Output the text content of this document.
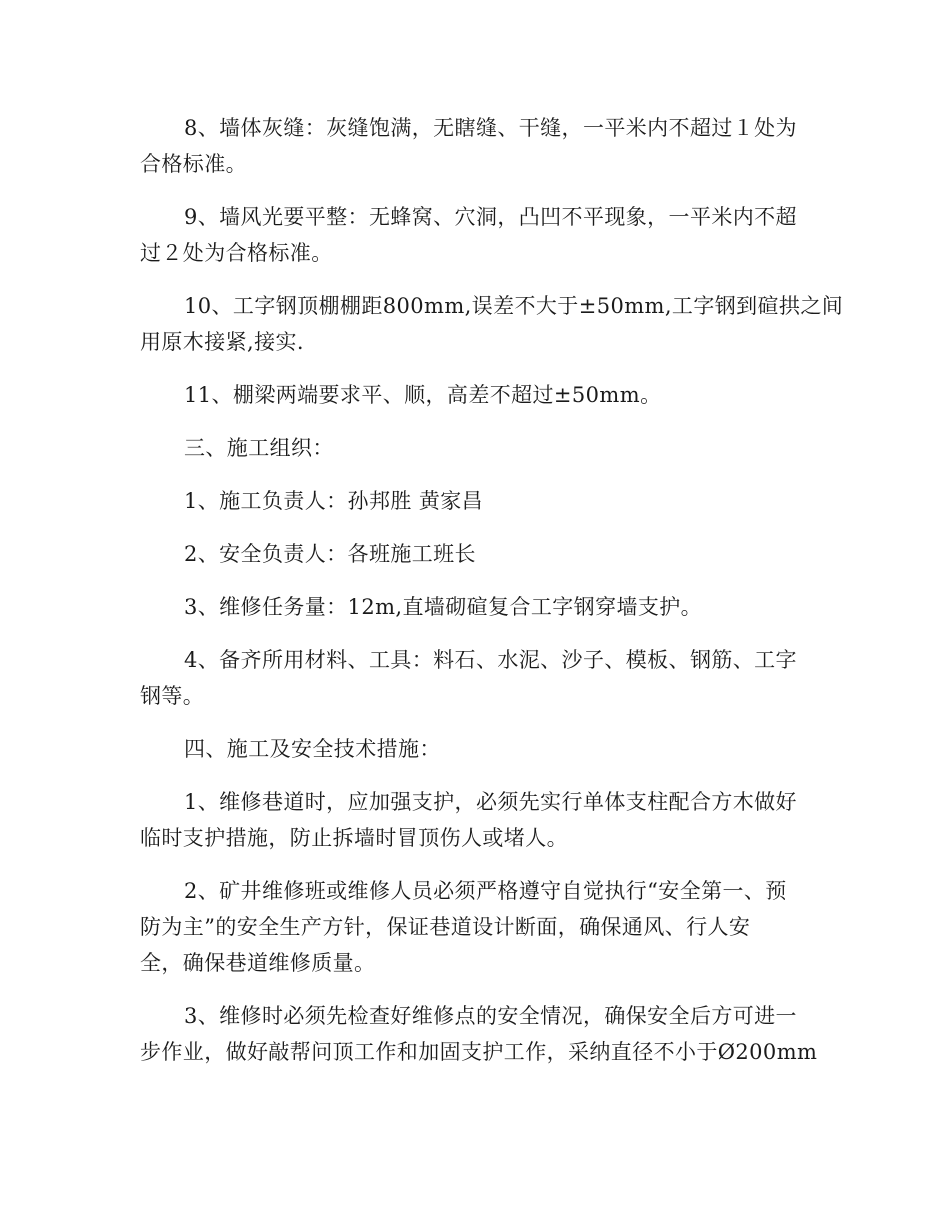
8、墙体灰缝：灰缝饱满，无瞎缝、干缝，一平米内不超过１处为
合格标准。
9、墙风光要平整：无蜂窝、穴洞，凸凹不平现象，一平米内不超
过２处为合格标准。
10、工字钢顶棚棚距800mm,误差不大于±50mm,工字钢到碹拱之间
用原木接紧,接实.
11、棚梁两端要求平、顺，高差不超过±50mm。
三、施工组织：
1、施工负责人：孙邦胜 黄家昌
2、安全负责人：各班施工班长
3、维修任务量：12m,直墙砌碹复合工字钢穿墙支护。
4、备齐所用材料、工具：料石、水泥、沙子、模板、钢筋、工字
钢等。
四、施工及安全技术措施：
1、维修巷道时，应加强支护，必须先实行单体支柱配合方木做好
临时支护措施，防止拆墙时冒顶伤人或堵人。
2、矿井维修班或维修人员必须严格遵守自觉执行“安全第一、预
防为主”的安全生产方针，保证巷道设计断面，确保通风、行人安
全，确保巷道维修质量。
3、维修时必须先检查好维修点的安全情况，确保安全后方可进一
步作业，做好敲帮问顶工作和加固支护工作，采纳直径不小于Ø200mm
